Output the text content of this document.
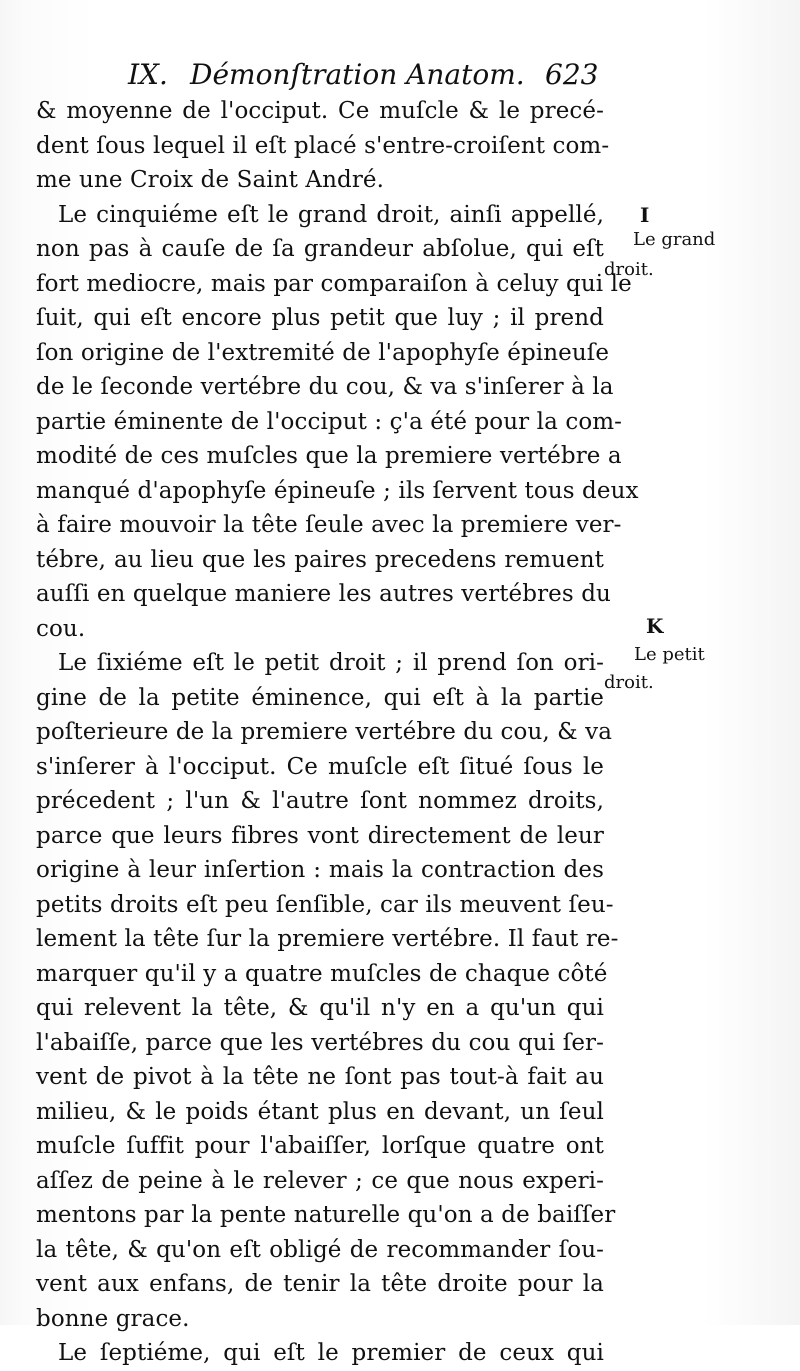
IX. Démonſtration Anatom. 623
& moyenne de l'occiput. Ce muſcle & le precé-
dent ſous lequel il eſt placé s'entre-croiſent com-
me une Croix de Saint André.
Le cinquiéme eſt le grand droit, ainſi appellé,
non pas à cauſe de ſa grandeur abſolue, qui eſt
fort mediocre, mais par comparaiſon à celuy qui le
ſuit, qui eſt encore plus petit que luy ; il prend
ſon origine de l'extremité de l'apophyſe épineuſe
de le ſeconde vertébre du cou, & va s'inſerer à la
partie éminente de l'occiput : ç'a été pour la com-
modité de ces muſcles que la premiere vertébre a
manqué d'apophyſe épineuſe ; ils ſervent tous deux
à faire mouvoir la tête ſeule avec la premiere ver-
tébre, au lieu que les paires precedens remuent
auſſi en quelque maniere les autres vertébres du
cou.
Le ſixiéme eſt le petit droit ; il prend ſon ori-
gine de la petite éminence, qui eſt à la partie
poſterieure de la premiere vertébre du cou, & va
s'inſerer à l'occiput. Ce muſcle eſt ſitué ſous le
précedent ; l'un & l'autre ſont nommez droits,
parce que leurs fibres vont directement de leur
origine à leur inſertion : mais la contraction des
petits droits eſt peu ſenſible, car ils meuvent ſeu-
lement la tête ſur la premiere vertébre. Il faut re-
marquer qu'il y a quatre muſcles de chaque côté
qui relevent la tête, & qu'il n'y en a qu'un qui
l'abaiſſe, parce que les vertébres du cou qui ſer-
vent de pivot à la tête ne ſont pas tout-à fait au
milieu, & le poids étant plus en devant, un ſeul
muſcle ſuffit pour l'abaiſſer, lorſque quatre ont
aſſez de peine à le relever ; ce que nous experi-
mentons par la pente naturelle qu'on a de baiſſer
la tête, & qu'on eſt obligé de recommander ſou-
vent aux enfans, de tenir la tête droite pour la
bonne grace.
Le ſeptiéme, qui eſt le premier de ceux qui
I
Le grand
droit.
K
Le petit
droit.
